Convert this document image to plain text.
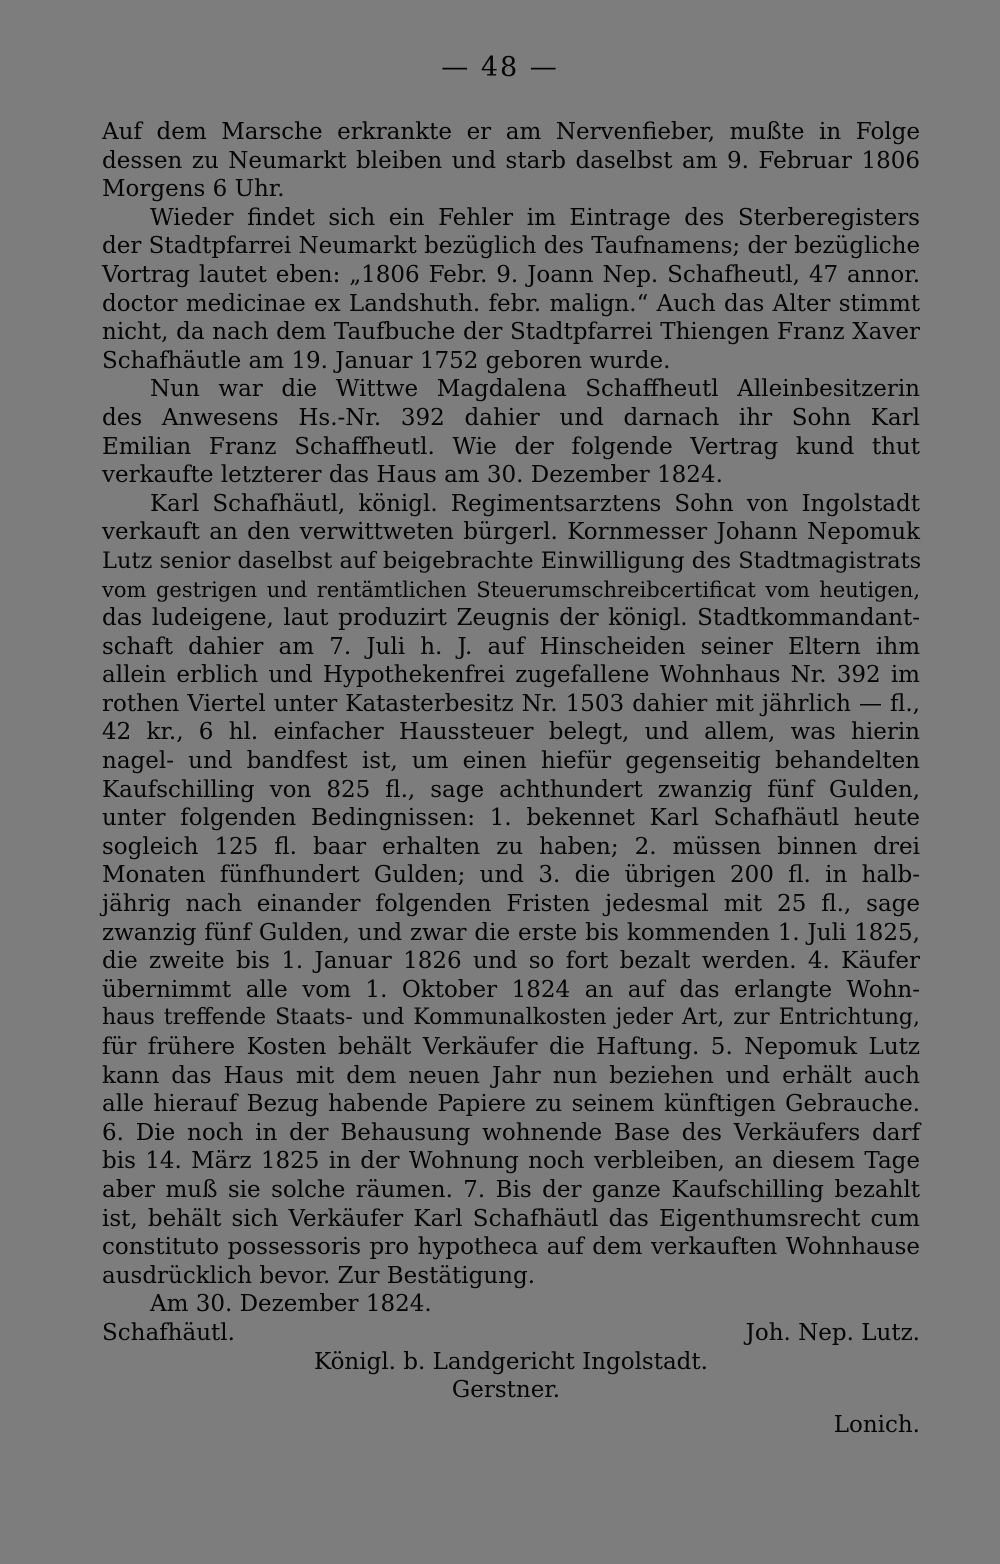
— 48 —
Auf dem Marsche erkrankte er am Nervenfieber, mußte in Folge
dessen zu Neumarkt bleiben und starb daselbst am 9. Februar 1806
Morgens 6 Uhr.
Wieder findet sich ein Fehler im Eintrage des Sterberegisters
der Stadtpfarrei Neumarkt bezüglich des Taufnamens; der bezügliche
Vortrag lautet eben: „1806 Febr. 9. Joann Nep. Schafheutl, 47 annor.
doctor medicinae ex Landshuth. febr. malign.“ Auch das Alter stimmt
nicht, da nach dem Taufbuche der Stadtpfarrei Thiengen Franz Xaver
Schafhäutle am 19. Januar 1752 geboren wurde.
Nun war die Wittwe Magdalena Schaffheutl Alleinbesitzerin
des Anwesens Hs.-Nr. 392 dahier und darnach ihr Sohn Karl
Emilian Franz Schaffheutl. Wie der folgende Vertrag kund thut
verkaufte letzterer das Haus am 30. Dezember 1824.
Karl Schafhäutl, königl. Regimentsarztens Sohn von Ingolstadt
verkauft an den verwittweten bürgerl. Kornmesser Johann Nepomuk
Lutz senior daselbst auf beigebrachte Einwilligung des Stadtmagistrats
vom gestrigen und rentämtlichen Steuerumschreibcertificat vom heutigen,
das ludeigene, laut produzirt Zeugnis der königl. Stadtkommandant-
schaft dahier am 7. Juli h. J. auf Hinscheiden seiner Eltern ihm
allein erblich und Hypothekenfrei zugefallene Wohnhaus Nr. 392 im
rothen Viertel unter Katasterbesitz Nr. 1503 dahier mit jährlich — fl.,
42 kr., 6 hl. einfacher Haussteuer belegt, und allem, was hierin
nagel- und bandfest ist, um einen hiefür gegenseitig behandelten
Kaufschilling von 825 fl., sage achthundert zwanzig fünf Gulden,
unter folgenden Bedingnissen: 1. bekennet Karl Schafhäutl heute
sogleich 125 fl. baar erhalten zu haben; 2. müssen binnen drei
Monaten fünfhundert Gulden; und 3. die übrigen 200 fl. in halb-
jährig nach einander folgenden Fristen jedesmal mit 25 fl., sage
zwanzig fünf Gulden, und zwar die erste bis kommenden 1. Juli 1825,
die zweite bis 1. Januar 1826 und so fort bezalt werden. 4. Käufer
übernimmt alle vom 1. Oktober 1824 an auf das erlangte Wohn-
haus treffende Staats- und Kommunalkosten jeder Art, zur Entrichtung,
für frühere Kosten behält Verkäufer die Haftung. 5. Nepomuk Lutz
kann das Haus mit dem neuen Jahr nun beziehen und erhält auch
alle hierauf Bezug habende Papiere zu seinem künftigen Gebrauche.
6. Die noch in der Behausung wohnende Base des Verkäufers darf
bis 14. März 1825 in der Wohnung noch verbleiben, an diesem Tage
aber muß sie solche räumen. 7. Bis der ganze Kaufschilling bezahlt
ist, behält sich Verkäufer Karl Schafhäutl das Eigenthumsrecht cum
constituto possessoris pro hypotheca auf dem verkauften Wohnhause
ausdrücklich bevor. Zur Bestätigung.
Am 30. Dezember 1824.
Schafhäutl.	Joh. Nep. Lutz.
Königl. b. Landgericht Ingolstadt.
Gerstner.
Lonich.
